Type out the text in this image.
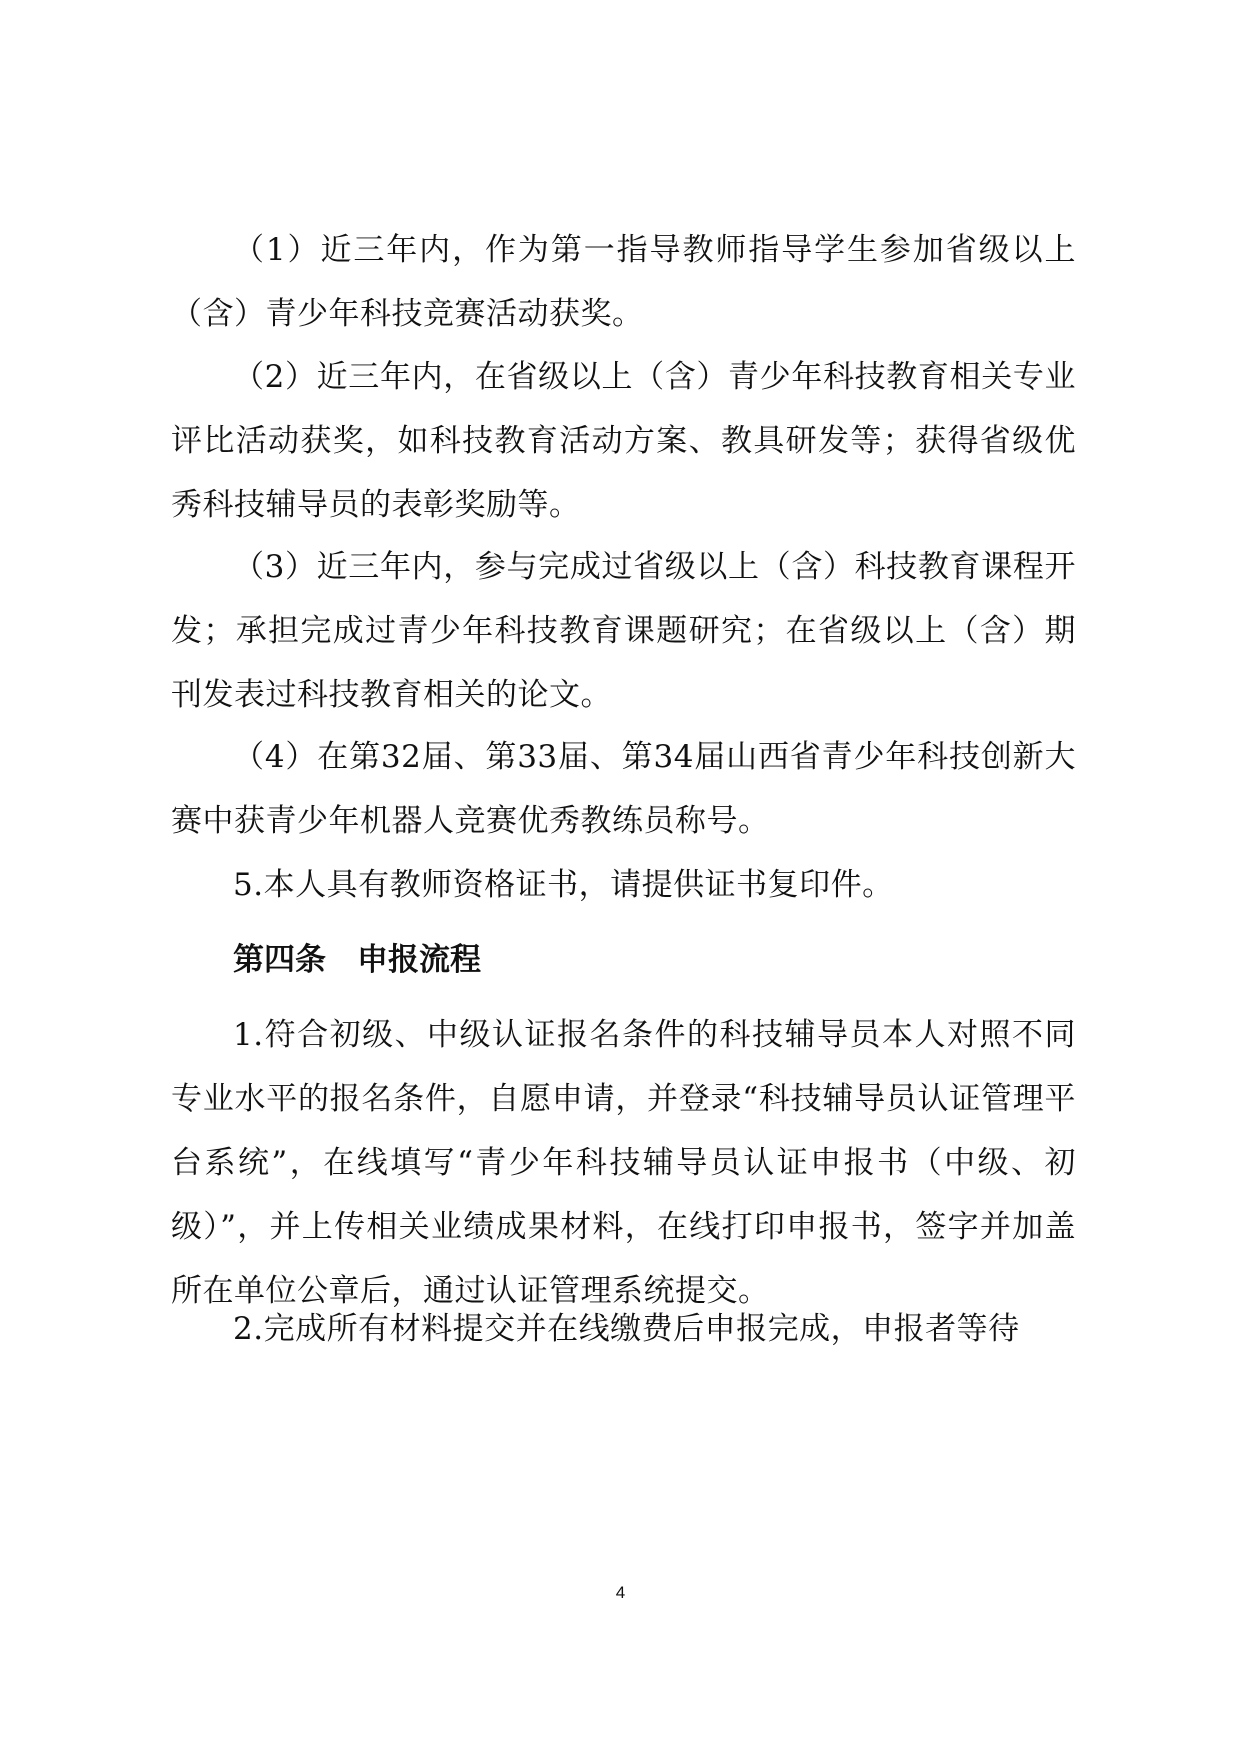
（1）近三年内，作为第一指导教师指导学生参加省级以上（含）青少年科技竞赛活动获奖。

（2）近三年内，在省级以上（含）青少年科技教育相关专业评比活动获奖，如科技教育活动方案、教具研发等；获得省级优秀科技辅导员的表彰奖励等。

（3）近三年内，参与完成过省级以上（含）科技教育课程开发；承担完成过青少年科技教育课题研究；在省级以上（含）期刊发表过科技教育相关的论文。

（4）在第32届、第33届、第34届山西省青少年科技创新大赛中获青少年机器人竞赛优秀教练员称号。

5.本人具有教师资格证书，请提供证书复印件。

第四条　申报流程

1.符合初级、中级认证报名条件的科技辅导员本人对照不同专业水平的报名条件，自愿申请，并登录“科技辅导员认证管理平台系统”，在线填写“青少年科技辅导员认证申报书（中级、初级）”，并上传相关业绩成果材料，在线打印申报书，签字并加盖所在单位公章后，通过认证管理系统提交。

2.完成所有材料提交并在线缴费后申报完成，申报者等待

4
